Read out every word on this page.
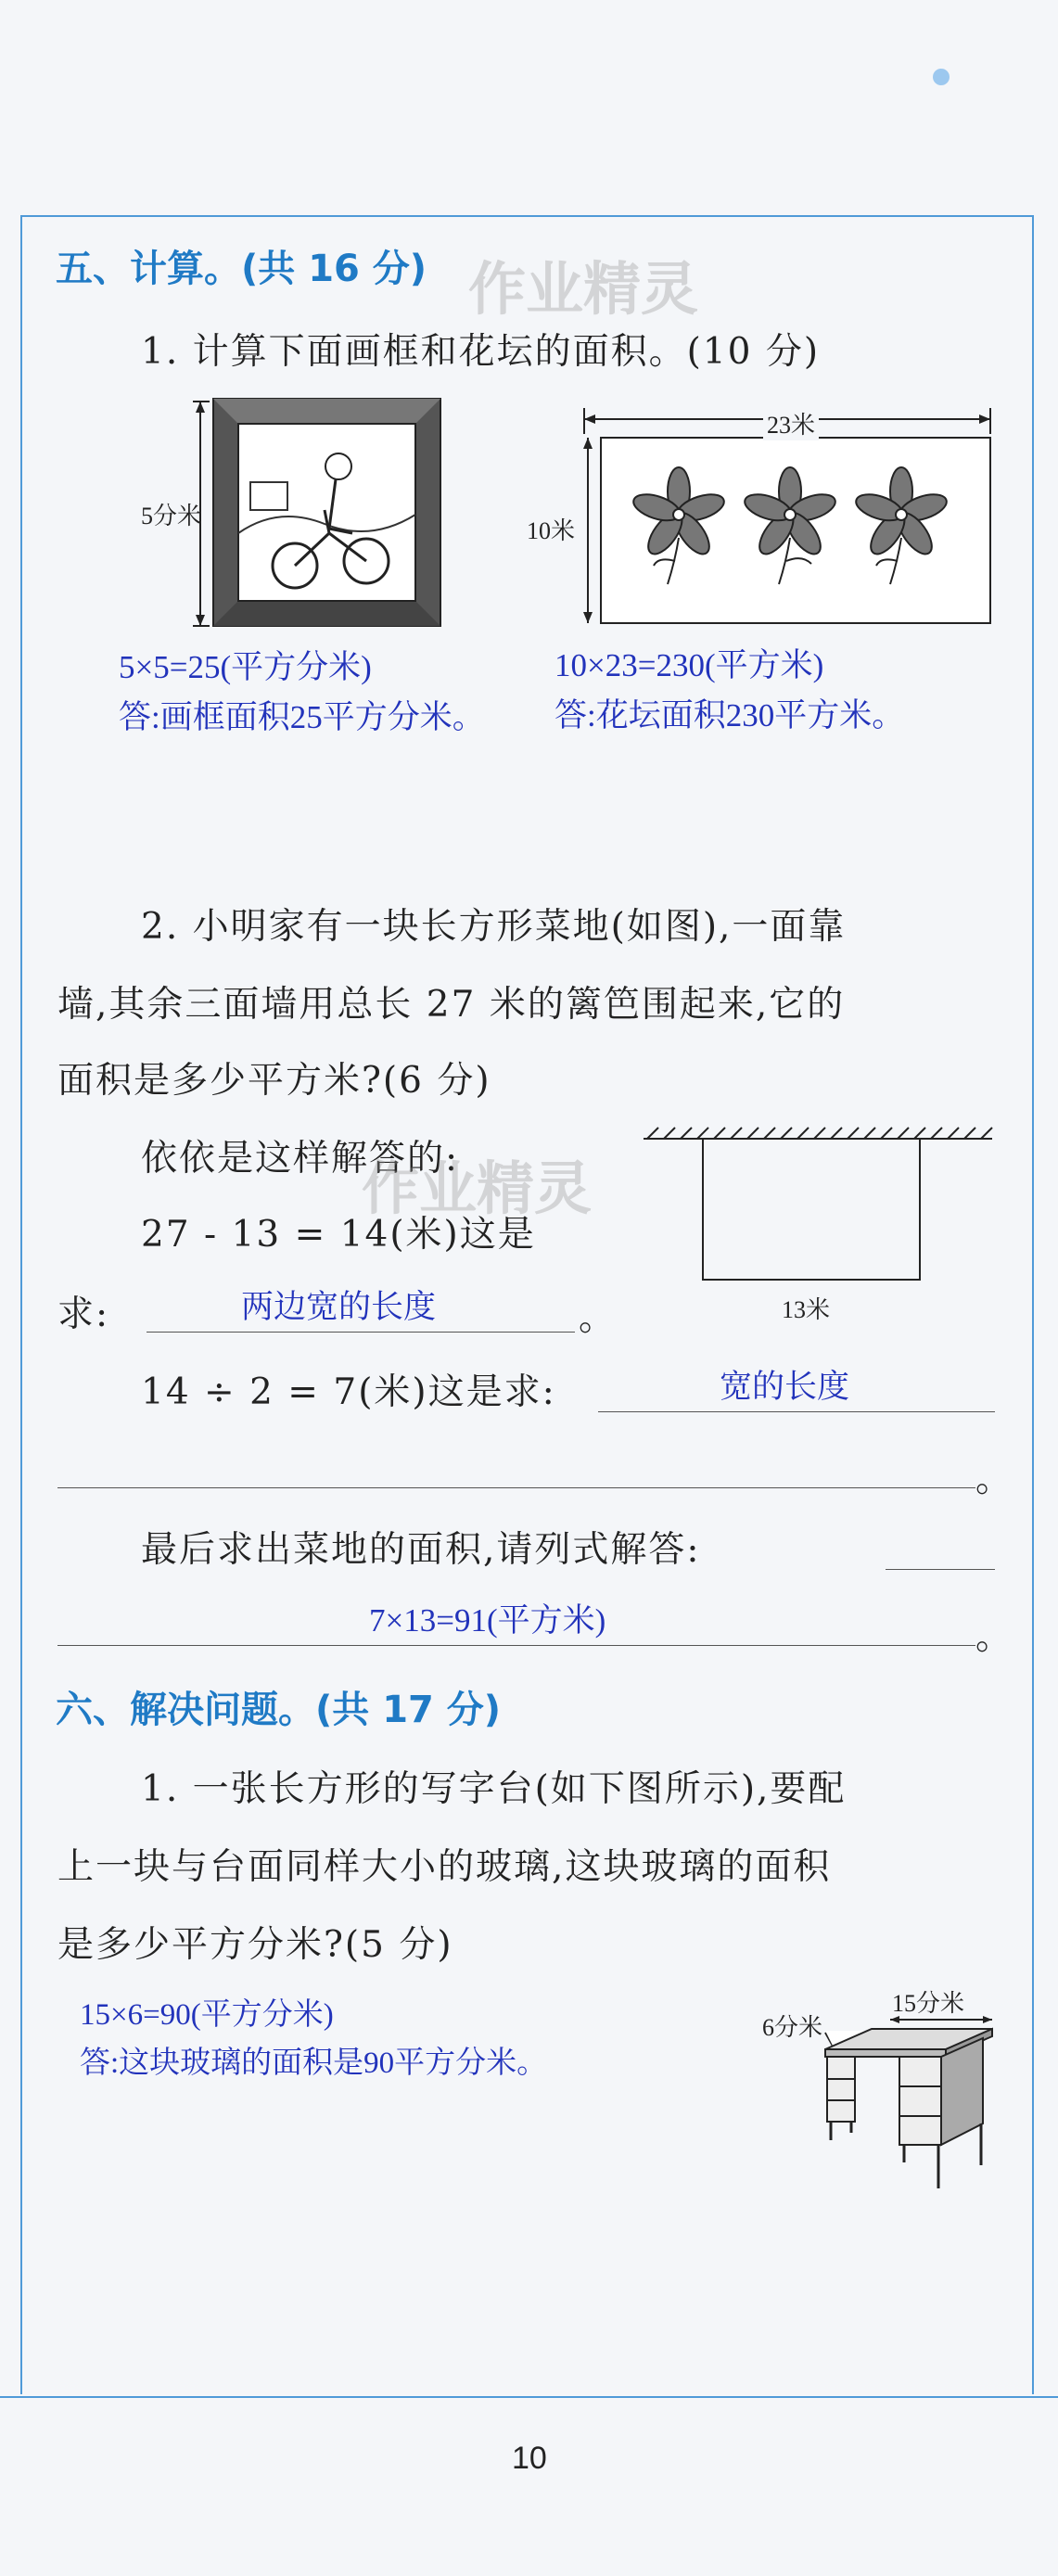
五、计算。(共 16 分) 作业精灵
1. 计算下面画框和花坛的面积。(10 分)
5分米
23米
10米
5×5=25(平方分米)
答:画框面积25平方分米。
10×23=230(平方米)
答:花坛面积230平方米。
2. 小明家有一块长方形菜地(如图),一面靠
墙,其余三面墙用总长 27 米的篱笆围起来,它的
面积是多少平方米?(6 分)
依依是这样解答的:
作业精灵
13米
27 - 13 = 14(米)这是
求:	两边宽的长度	。
14 ÷ 2 = 7(米)这是求:	宽的长度
。
最后求出菜地的面积,请列式解答:
7×13=91(平方米)	。
六、解决问题。(共 17 分)
1. 一张长方形的写字台(如下图所示),要配
上一块与台面同样大小的玻璃,这块玻璃的面积
是多少平方分米?(5 分)
15×6=90(平方分米)
答:这块玻璃的面积是90平方分米。
6分米
15分米
10
